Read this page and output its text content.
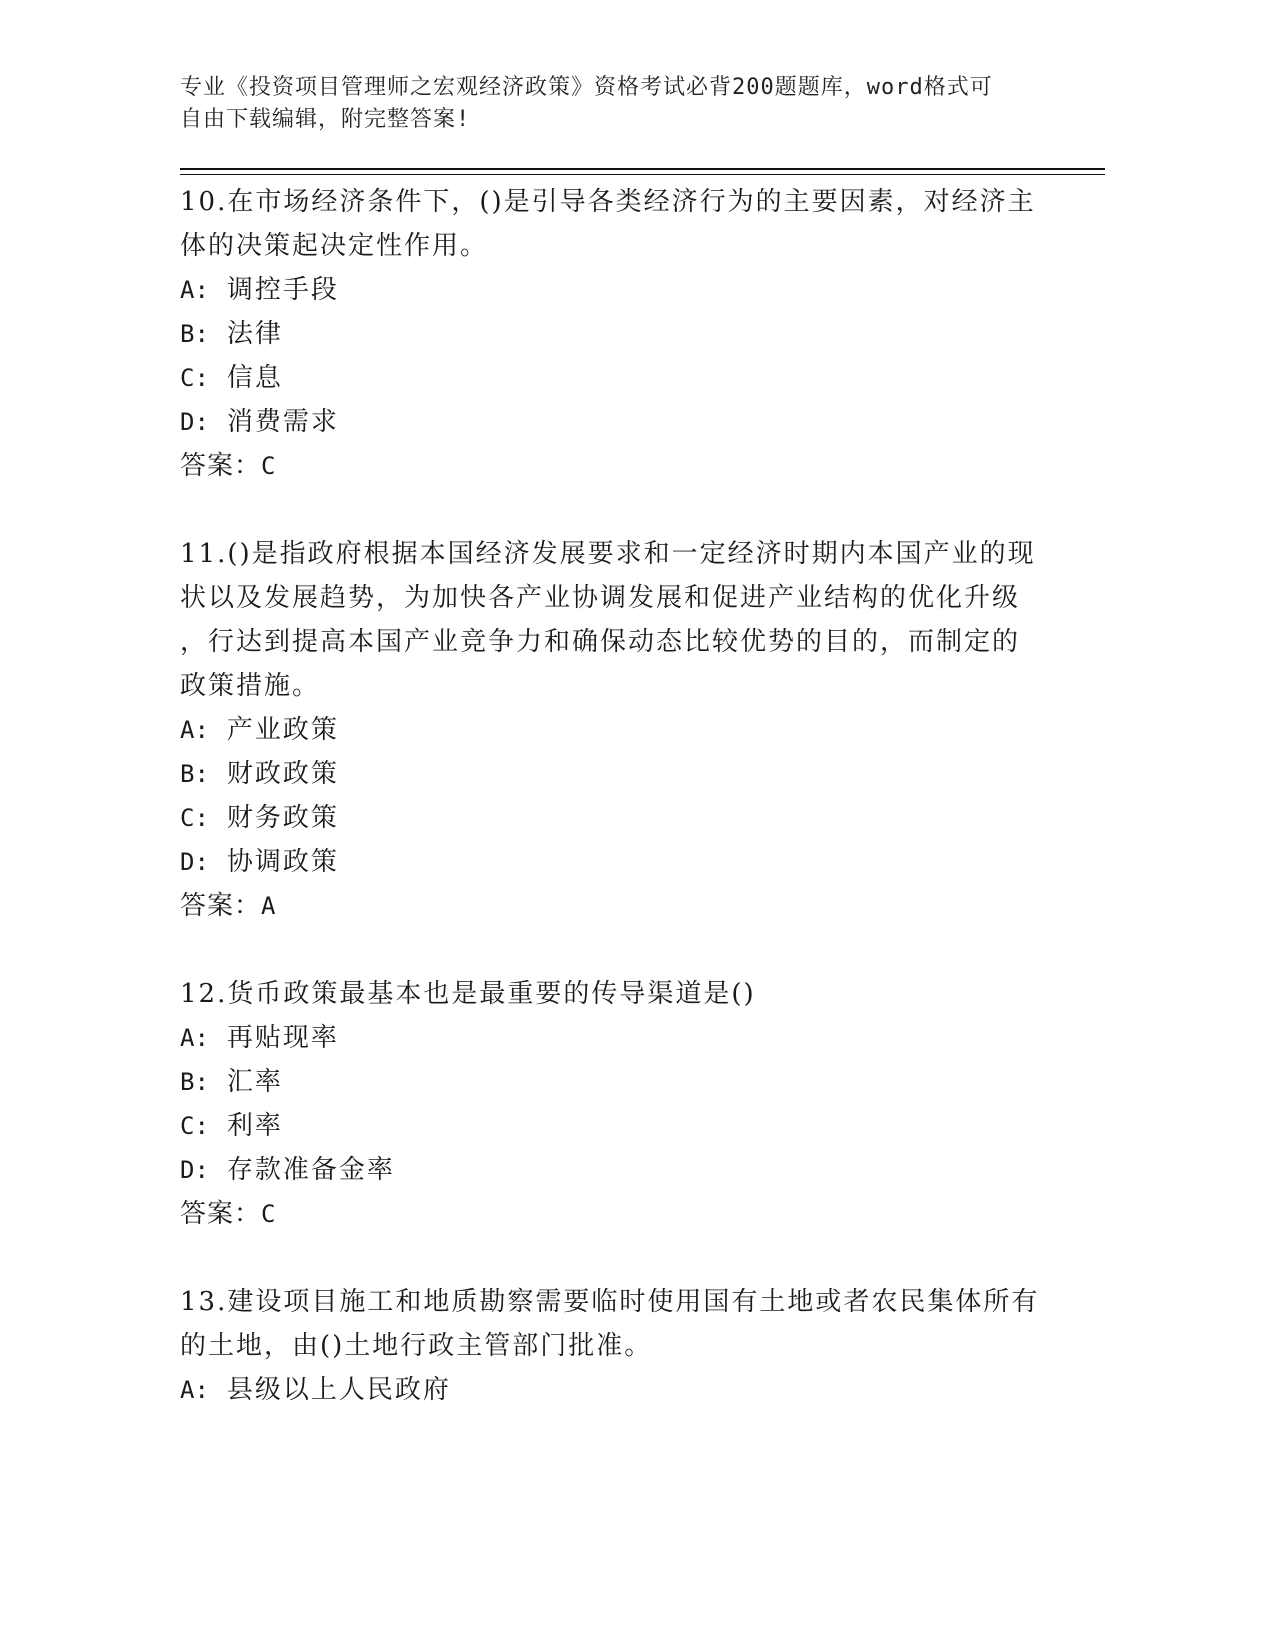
专业《投资项目管理师之宏观经济政策》资格考试必背200题题库，word格式可
自由下载编辑，附完整答案!
10.在市场经济条件下，()是引导各类经济行为的主要因素，对经济主
体的决策起决定性作用。
A: 调控手段
B: 法律
C: 信息
D: 消费需求
答案：C
11.()是指政府根据本国经济发展要求和一定经济时期内本国产业的现
状以及发展趋势，为加快各产业协调发展和促进产业结构的优化升级
，行达到提高本国产业竞争力和确保动态比较优势的目的，而制定的
政策措施。
A: 产业政策
B: 财政政策
C: 财务政策
D: 协调政策
答案：A
12.货币政策最基本也是最重要的传导渠道是()
A: 再贴现率
B: 汇率
C: 利率
D: 存款准备金率
答案：C
13.建设项目施工和地质勘察需要临时使用国有土地或者农民集体所有
的土地，由()土地行政主管部门批准。
A: 县级以上人民政府
